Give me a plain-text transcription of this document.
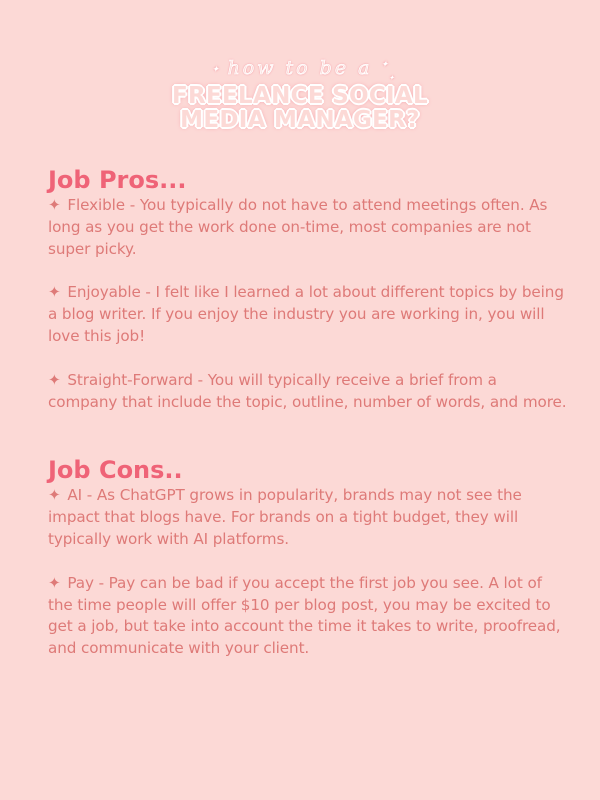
✦ how to be a ✦
✦
FREELANCE SOCIAL
MEDIA MANAGER?
Job Pros...

✦ Flexible - You typically do not have to attend meetings often. As long as you get the work done on-time, most companies are not super picky.

✦ Enjoyable - I felt like I learned a lot about different topics by being a blog writer. If you enjoy the industry you are working in, you will love this job!

✦ Straight-Forward - You will typically receive a brief from a company that include the topic, outline, number of words, and more.

Job Cons..

✦ AI - As ChatGPT grows in popularity, brands may not see the impact that blogs have. For brands on a tight budget, they will typically work with AI platforms.

✦ Pay - Pay can be bad if you accept the first job you see. A lot of the time people will offer $10 per blog post, you may be excited to get a job, but take into account the time it takes to write, proofread, and communicate with your client.
